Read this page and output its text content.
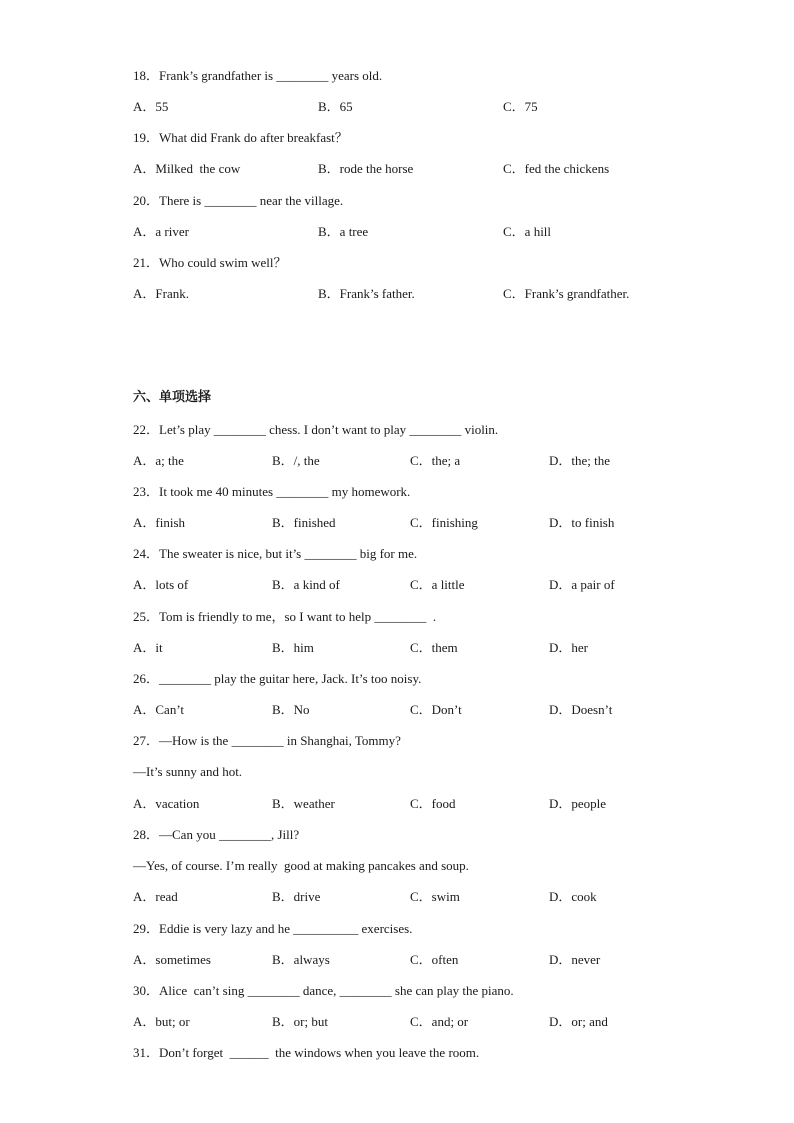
18．Frank’s grandfather is ________ years old.
A．55	B．65	C．75
19．What did Frank do after breakfast？
A．Milked  the cow	B．rode the horse	C．fed the chickens
20．There is ________ near the village.
A．a river	B．a tree	C．a hill
21．Who could swim well？
A．Frank.	B．Frank’s father.	C．Frank’s grandfather.
六、单项选择
22．Let’s play ________ chess. I don’t want to play ________ violin.
A．a; the	B．/, the	C．the; a	D．the; the
23．It took me 40 minutes ________ my homework.
A．finish	B．finished	C．finishing	D．to finish
24．The sweater is nice, but it’s ________ big for me.
A．lots of	B．a kind of	C．a little	D．a pair of
25．Tom is friendly to me，so I want to help ________  .
A．it	B．him	C．them	D．her
26．________ play the guitar here, Jack. It’s too noisy.
A．Can’t	B．No	C．Don’t	D．Doesn’t
27．—How is the ________ in Shanghai, Tommy?
—It’s sunny and hot.
A．vacation	B．weather	C．food	D．people
28．—Can you ________, Jill?
—Yes, of course. I’m really  good at making pancakes and soup.
A．read	B．drive	C．swim	D．cook
29．Eddie is very lazy and he __________ exercises.
A．sometimes	B．always	C．often	D．never
30．Alice  can’t sing ________ dance, ________ she can play the piano.
A．but; or	B．or; but	C．and; or	D．or; and
31．Don’t forget  ______  the windows when you leave the room.
